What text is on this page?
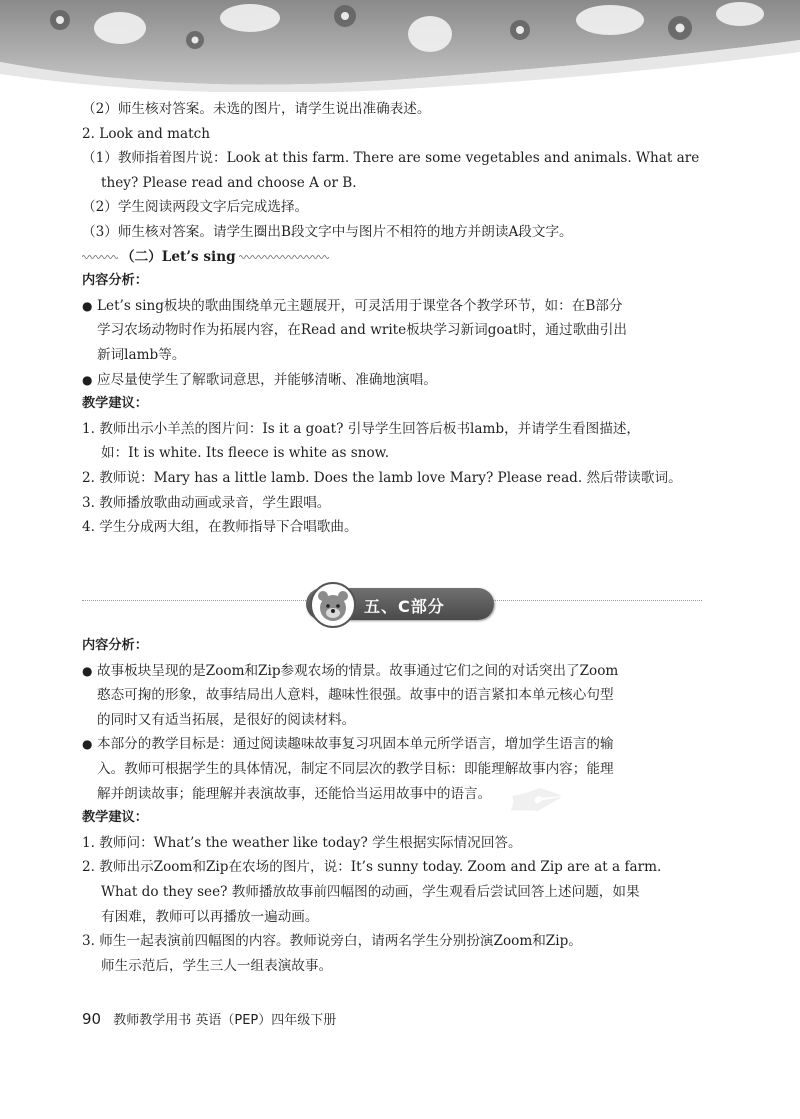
（2）师生核对答案。未选的图片，请学生说出准确表述。
2. Look and match
（1）教师指着图片说：Look at this farm. There are some vegetables and animals. What are
they? Please read and choose A or B.
（2）学生阅读两段文字后完成选择。
（3）师生核对答案。请学生圈出B段文字中与图片不相符的地方并朗读A段文字。
（二）Let’s sing
内容分析：
● Let’s sing板块的歌曲围绕单元主题展开，可灵活用于课堂各个教学环节，如：在B部分
学习农场动物时作为拓展内容，在Read and write板块学习新词goat时，通过歌曲引出
新词lamb等。
● 应尽量使学生了解歌词意思，并能够清晰、准确地演唱。
教学建议：
1. 教师出示小羊羔的图片问：Is it a goat? 引导学生回答后板书lamb，并请学生看图描述，
如：It is white. Its fleece is white as snow.
2. 教师说：Mary has a little lamb. Does the lamb love Mary? Please read. 然后带读歌词。
3. 教师播放歌曲动画或录音，学生跟唱。
4. 学生分成两大组，在教师指导下合唱歌曲。
五、C部分
✒
内容分析：
● 故事板块呈现的是Zoom和Zip参观农场的情景。故事通过它们之间的对话突出了Zoom
憨态可掬的形象，故事结局出人意料，趣味性很强。故事中的语言紧扣本单元核心句型
的同时又有适当拓展，是很好的阅读材料。
● 本部分的教学目标是：通过阅读趣味故事复习巩固本单元所学语言，增加学生语言的输
入。教师可根据学生的具体情况，制定不同层次的教学目标：即能理解故事内容；能理
解并朗读故事；能理解并表演故事，还能恰当运用故事中的语言。
教学建议：
1. 教师问：What’s the weather like today? 学生根据实际情况回答。
2. 教师出示Zoom和Zip在农场的图片，说：It’s sunny today. Zoom and Zip are at a farm.
What do they see? 教师播放故事前四幅图的动画，学生观看后尝试回答上述问题，如果
有困难，教师可以再播放一遍动画。
3. 师生一起表演前四幅图的内容。教师说旁白，请两名学生分别扮演Zoom和Zip。
师生示范后，学生三人一组表演故事。
90 教师教学用书 英语（PEP）四年级下册
